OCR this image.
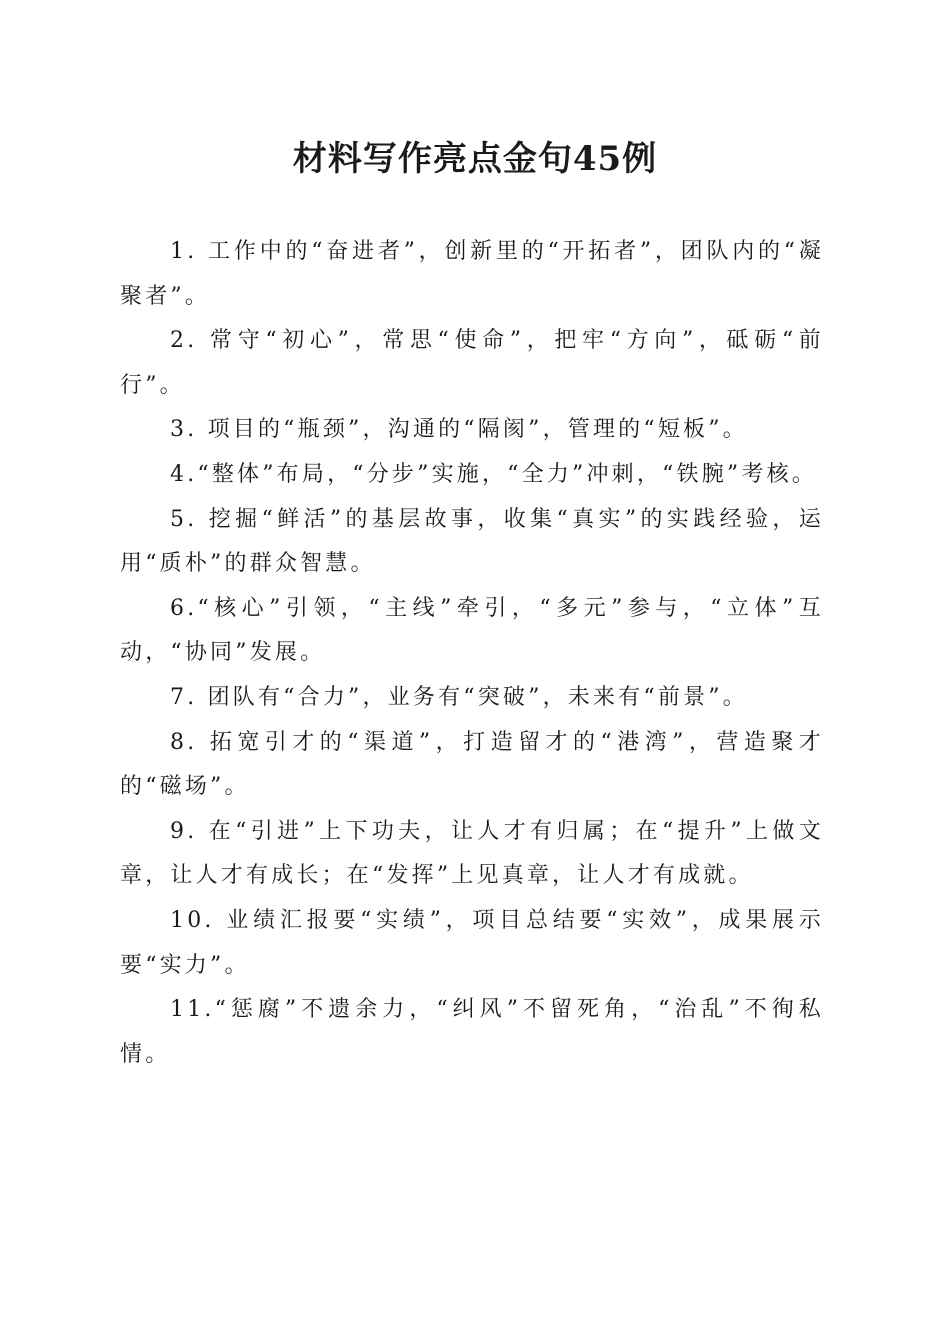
材料写作亮点金句45例

1. 工作中的“奋进者”，创新里的“开拓者”，团队内的“凝聚者”。

2. 常守“初心”，常思“使命”，把牢“方向”，砥砺“前行”。

3. 项目的“瓶颈”，沟通的“隔阂”，管理的“短板”。

4.“整体”布局，“分步”实施，“全力”冲刺，“铁腕”考核。

5. 挖掘“鲜活”的基层故事，收集“真实”的实践经验，运用“质朴”的群众智慧。

6.“核心”引领，“主线”牵引，“多元”参与，“立体”互动，“协同”发展。

7. 团队有“合力”，业务有“突破”，未来有“前景”。

8. 拓宽引才的“渠道”，打造留才的“港湾”，营造聚才的“磁场”。

9. 在“引进”上下功夫，让人才有归属；在“提升”上做文章，让人才有成长；在“发挥”上见真章，让人才有成就。

10. 业绩汇报要“实绩”，项目总结要“实效”，成果展示要“实力”。

11.“惩腐”不遗余力，“纠风”不留死角，“治乱”不徇私情。
